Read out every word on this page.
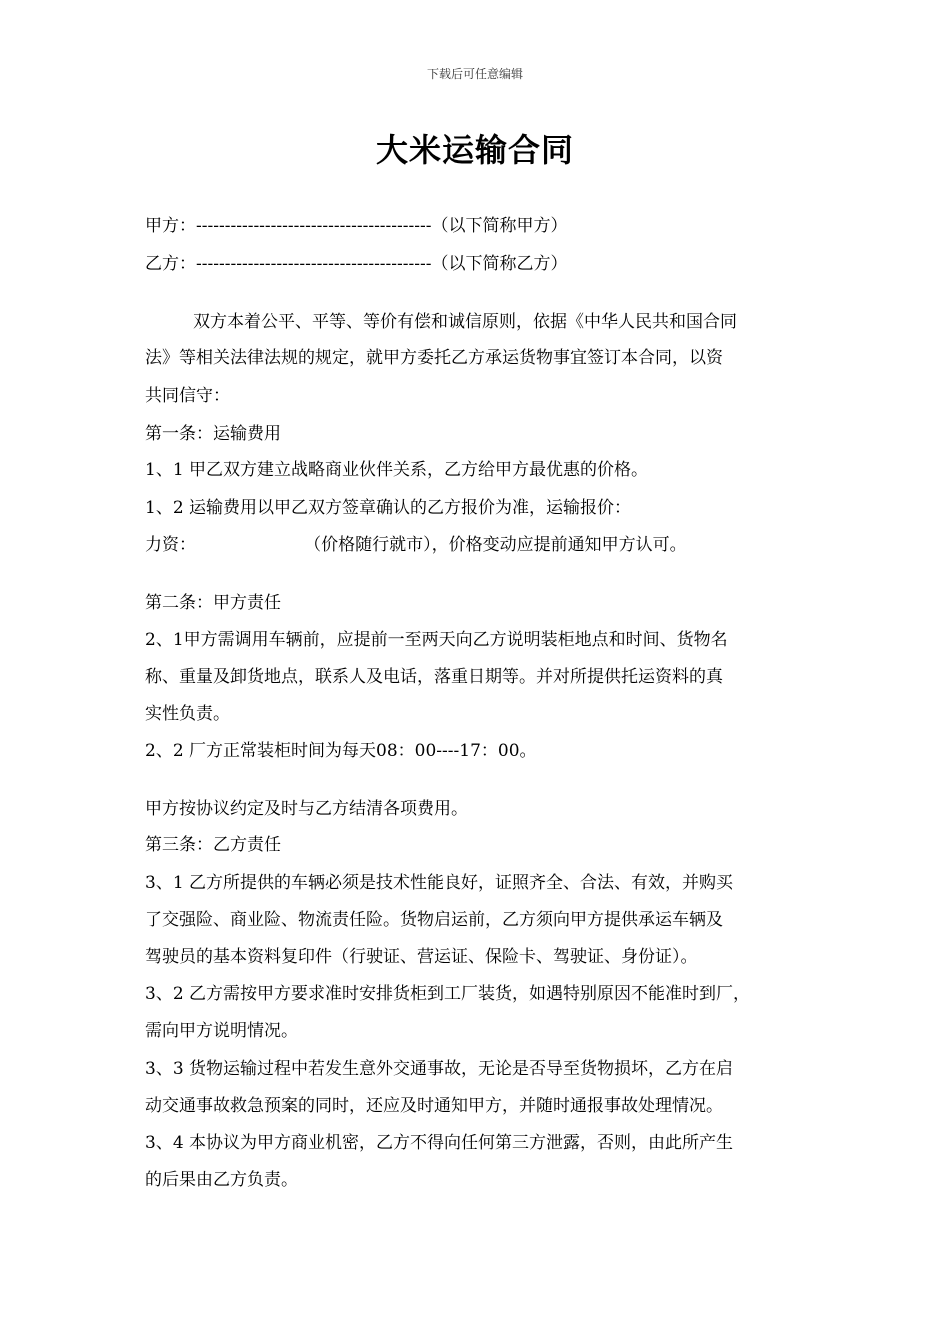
下载后可任意编辑
大米运输合同
甲方：-----------------------------------------（以下简称甲方）
乙方：-----------------------------------------（以下简称乙方）
双方本着公平、平等、等价有偿和诚信原则，依据《中华人民共和国合同
法》等相关法律法规的规定，就甲方委托乙方承运货物事宜签订本合同，以资
共同信守：
第一条：运输费用
1、1 甲乙双方建立战略商业伙伴关系，乙方给甲方最优惠的价格。
1、2 运输费用以甲乙双方签章确认的乙方报价为准，运输报价：
力资：                    （价格随行就市），价格变动应提前通知甲方认可。
第二条：甲方责任
2、1甲方需调用车辆前，应提前一至两天向乙方说明装柜地点和时间、货物名
称、重量及卸货地点，联系人及电话，落重日期等。并对所提供托运资料的真
实性负责。
2、2 厂方正常装柜时间为每天08：00----17：00。
甲方按协议约定及时与乙方结清各项费用。
第三条：乙方责任
3、1 乙方所提供的车辆必须是技术性能良好，证照齐全、合法、有效，并购买
了交强险、商业险、物流责任险。货物启运前，乙方须向甲方提供承运车辆及
驾驶员的基本资料复印件（行驶证、营运证、保险卡、驾驶证、身份证）。
3、2 乙方需按甲方要求准时安排货柜到工厂装货，如遇特别原因不能准时到厂，
需向甲方说明情况。
3、3 货物运输过程中若发生意外交通事故，无论是否导至货物损坏，乙方在启
动交通事故救急预案的同时，还应及时通知甲方，并随时通报事故处理情况。
3、4 本协议为甲方商业机密，乙方不得向任何第三方泄露，否则，由此所产生
的后果由乙方负责。
